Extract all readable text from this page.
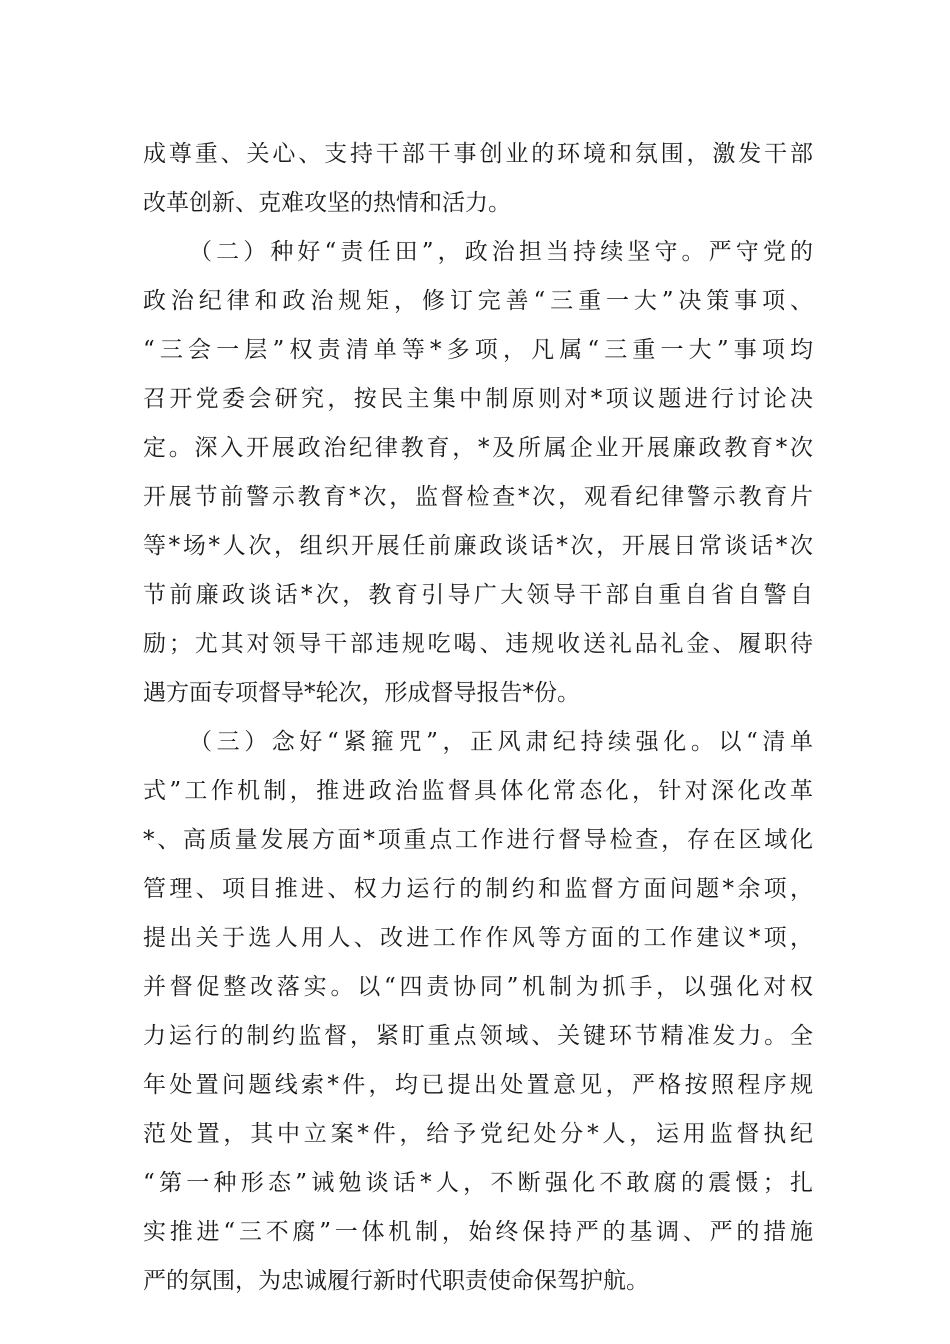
成尊重、关心、支持干部干事创业的环境和氛围，激发干部
改革创新、克难攻坚的热情和活力。
（二）种好“责任田”，政治担当持续坚守。严守党的
政治纪律和政治规矩，修订完善“三重一大”决策事项、
“三会一层”权责清单等*多项，凡属“三重一大”事项均
召开党委会研究，按民主集中制原则对*项议题进行讨论决
定。深入开展政治纪律教育，*及所属企业开展廉政教育*次
开展节前警示教育*次，监督检查*次，观看纪律警示教育片
等*场*人次，组织开展任前廉政谈话*次，开展日常谈话*次
节前廉政谈话*次，教育引导广大领导干部自重自省自警自
励；尤其对领导干部违规吃喝、违规收送礼品礼金、履职待
遇方面专项督导*轮次，形成督导报告*份。
（三）念好“紧箍咒”，正风肃纪持续强化。以“清单
式”工作机制，推进政治监督具体化常态化，针对深化改革
*、高质量发展方面*项重点工作进行督导检查，存在区域化
管理、项目推进、权力运行的制约和监督方面问题*余项，
提出关于选人用人、改进工作作风等方面的工作建议*项，
并督促整改落实。以“四责协同”机制为抓手，以强化对权
力运行的制约监督，紧盯重点领域、关键环节精准发力。全
年处置问题线索*件，均已提出处置意见，严格按照程序规
范处置，其中立案*件，给予党纪处分*人，运用监督执纪
“第一种形态”诫勉谈话*人，不断强化不敢腐的震慑；扎
实推进“三不腐”一体机制，始终保持严的基调、严的措施
严的氛围，为忠诚履行新时代职责使命保驾护航。
